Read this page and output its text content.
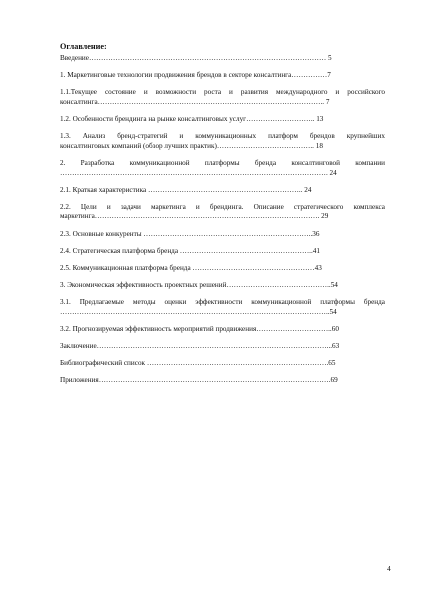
Оглавление:
Введение……………………………………………………………………………………… 5
1. Маркетинговые технологии продвижения брендов в секторе консалтинга……………7
1.1.Текущее состояние и возможности роста и развития международного и российского
консалтинга………………………………………………………………………………….. 7
1.2. Особенности брендинга на рынке консалтинговых услуг……………………….. 13
1.3. Анализ бренд-стратегий и коммуникационных платформ брендов крупнейших
консалтинговых компаний (обзор лучших практик)………………………………….. 18
2. Разработка коммуникационной платформы бренда консалтинговой компании
…………………………………………………………………………………………………. 24
2.1. Краткая характеристика ……………………………………………………….. 24
2.2. Цели и задачи маркетинга и брендинга. Описание стратегического комплекса
маркетинга…………………………………………………………………………………. 29
2.3. Основные конкуренты ……………………………………………………………..36
2.4. Стратегическая платформа бренда ………………………………………………..41
2.5. Коммуникационная платформа бренда ……………………………………………43
3. Экономическая эффективность проектных решений……………………………………..54
3.1. Предлагаемые методы оценки эффективности коммуникационной платформы бренда
…………………………………………………………………………………………………..54
3.2. Прогнозируемая эффективность мероприятий продвижения…………………………..60
Заключение……………………………………………………………………………………...63
Библиографический список ………………………………………………………………….65
Приложения…………………………………………………………………………………….69
4
